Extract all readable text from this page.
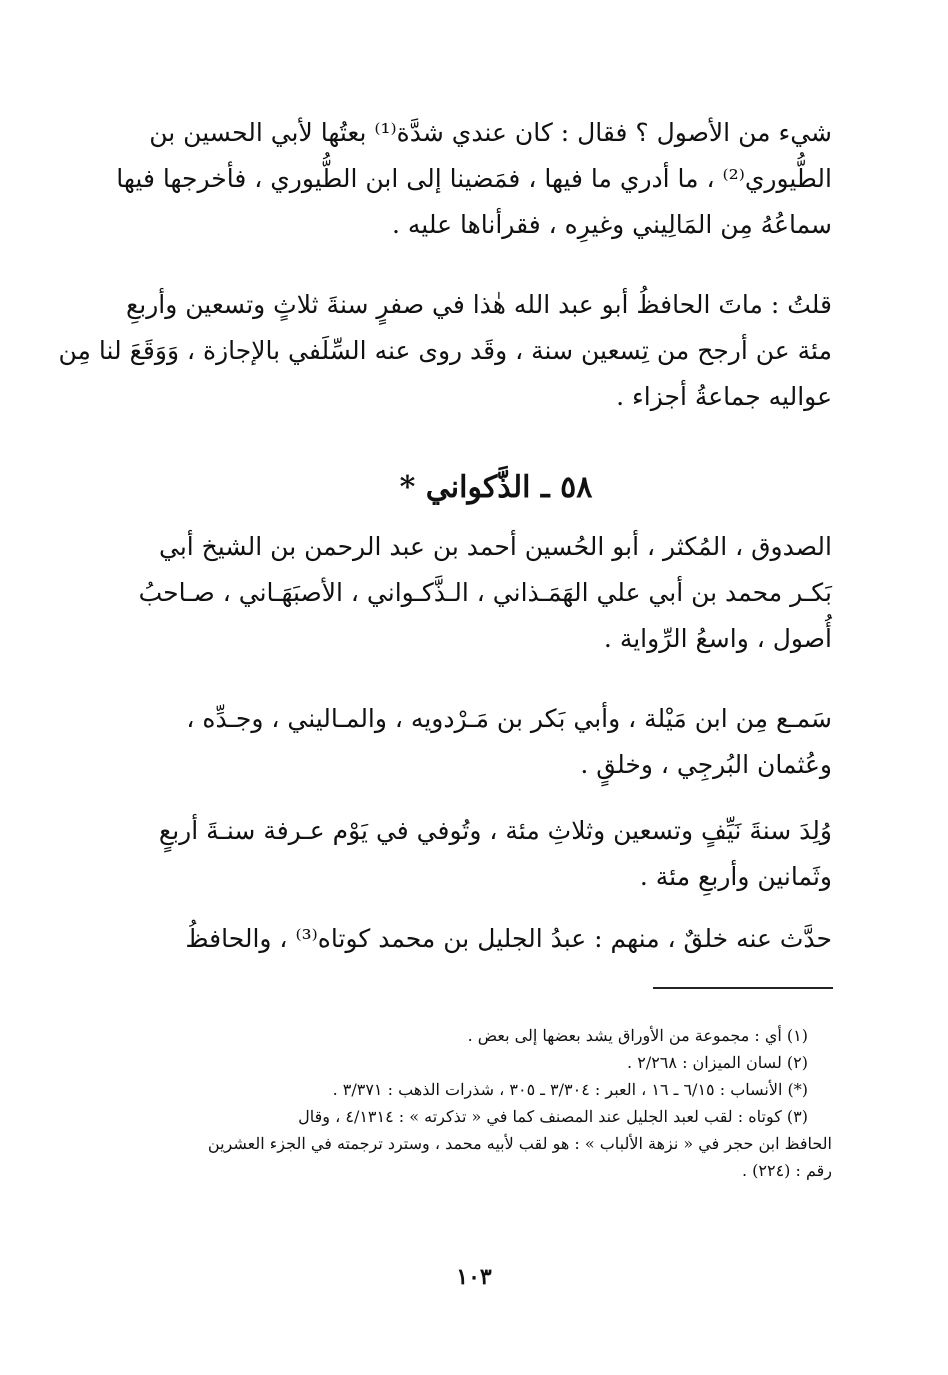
شيء من الأصول ؟ فقال : كان عندي شدَّة⁽¹⁾ بعتُها لأبي الحسين بن
الطُّيوري⁽²⁾ ، ما أدري ما فيها ، فمَضينا إلى ابن الطُّيوري ، فأخرجها فيها
سماعُهُ مِن المَالِيني وغيرِه ، فقرأناها عليه .
قلتُ : ماتَ الحافظُ أبو عبد الله هٰذا في صفرٍ سنةَ ثلاثٍ وتسعين وأربعِ
مئة عن أرجح من تِسعين سنة ، وقَد روى عنه السِّلَفي بالإجازة ، وَوَقَعَ لنا مِن
عواليه جماعةُ أجزاء .
٥٨ ـ الذَّكواني *
الصدوق ، المُكثر ، أبو الحُسين أحمد بن عبد الرحمن بن الشيخ أبي
بَكـر محمد بن أبي علي الهَمَـذاني ، الـذَّكـواني ، الأصبَهَـاني ، صـاحبُ
أُصول ، واسعُ الرِّواية .
سَمـع مِن ابن مَيْلة ، وأبي بَكر بن مَـرْدويه ، والمـاليني ، وجـدِّه ،
وعُثمان البُرجِي ، وخلقٍ .
وُلِدَ سنةَ نَيِّفٍ وتسعين وثلاثِ مئة ، وتُوفي في يَوْم عـرفة سنـةَ أربعٍ
وثَمانين وأربعِ مئة .
حدَّث عنه خلقٌ ، منهم : عبدُ الجليل بن محمد كوتاه⁽³⁾ ، والحافظُ
(١) أي : مجموعة من الأوراق يشد بعضها إلى بعض .
(٢) لسان الميزان : ٢/٢٦٨ .
(*) الأنساب : ٦/١٥ ـ ١٦ ، العبر : ٣/٣٠٤ ـ ٣٠٥ ، شذرات الذهب : ٣/٣٧١ .
(٣) كوتاه : لقب لعبد الجليل عند المصنف كما في « تذكرته » : ٤/١٣١٤ ، وقال
الحافظ ابن حجر في « نزهة الألباب » : هو لقب لأبيه محمد ، وسترد ترجمته في الجزء العشرين
رقم : (٢٢٤) .
١٠٣
